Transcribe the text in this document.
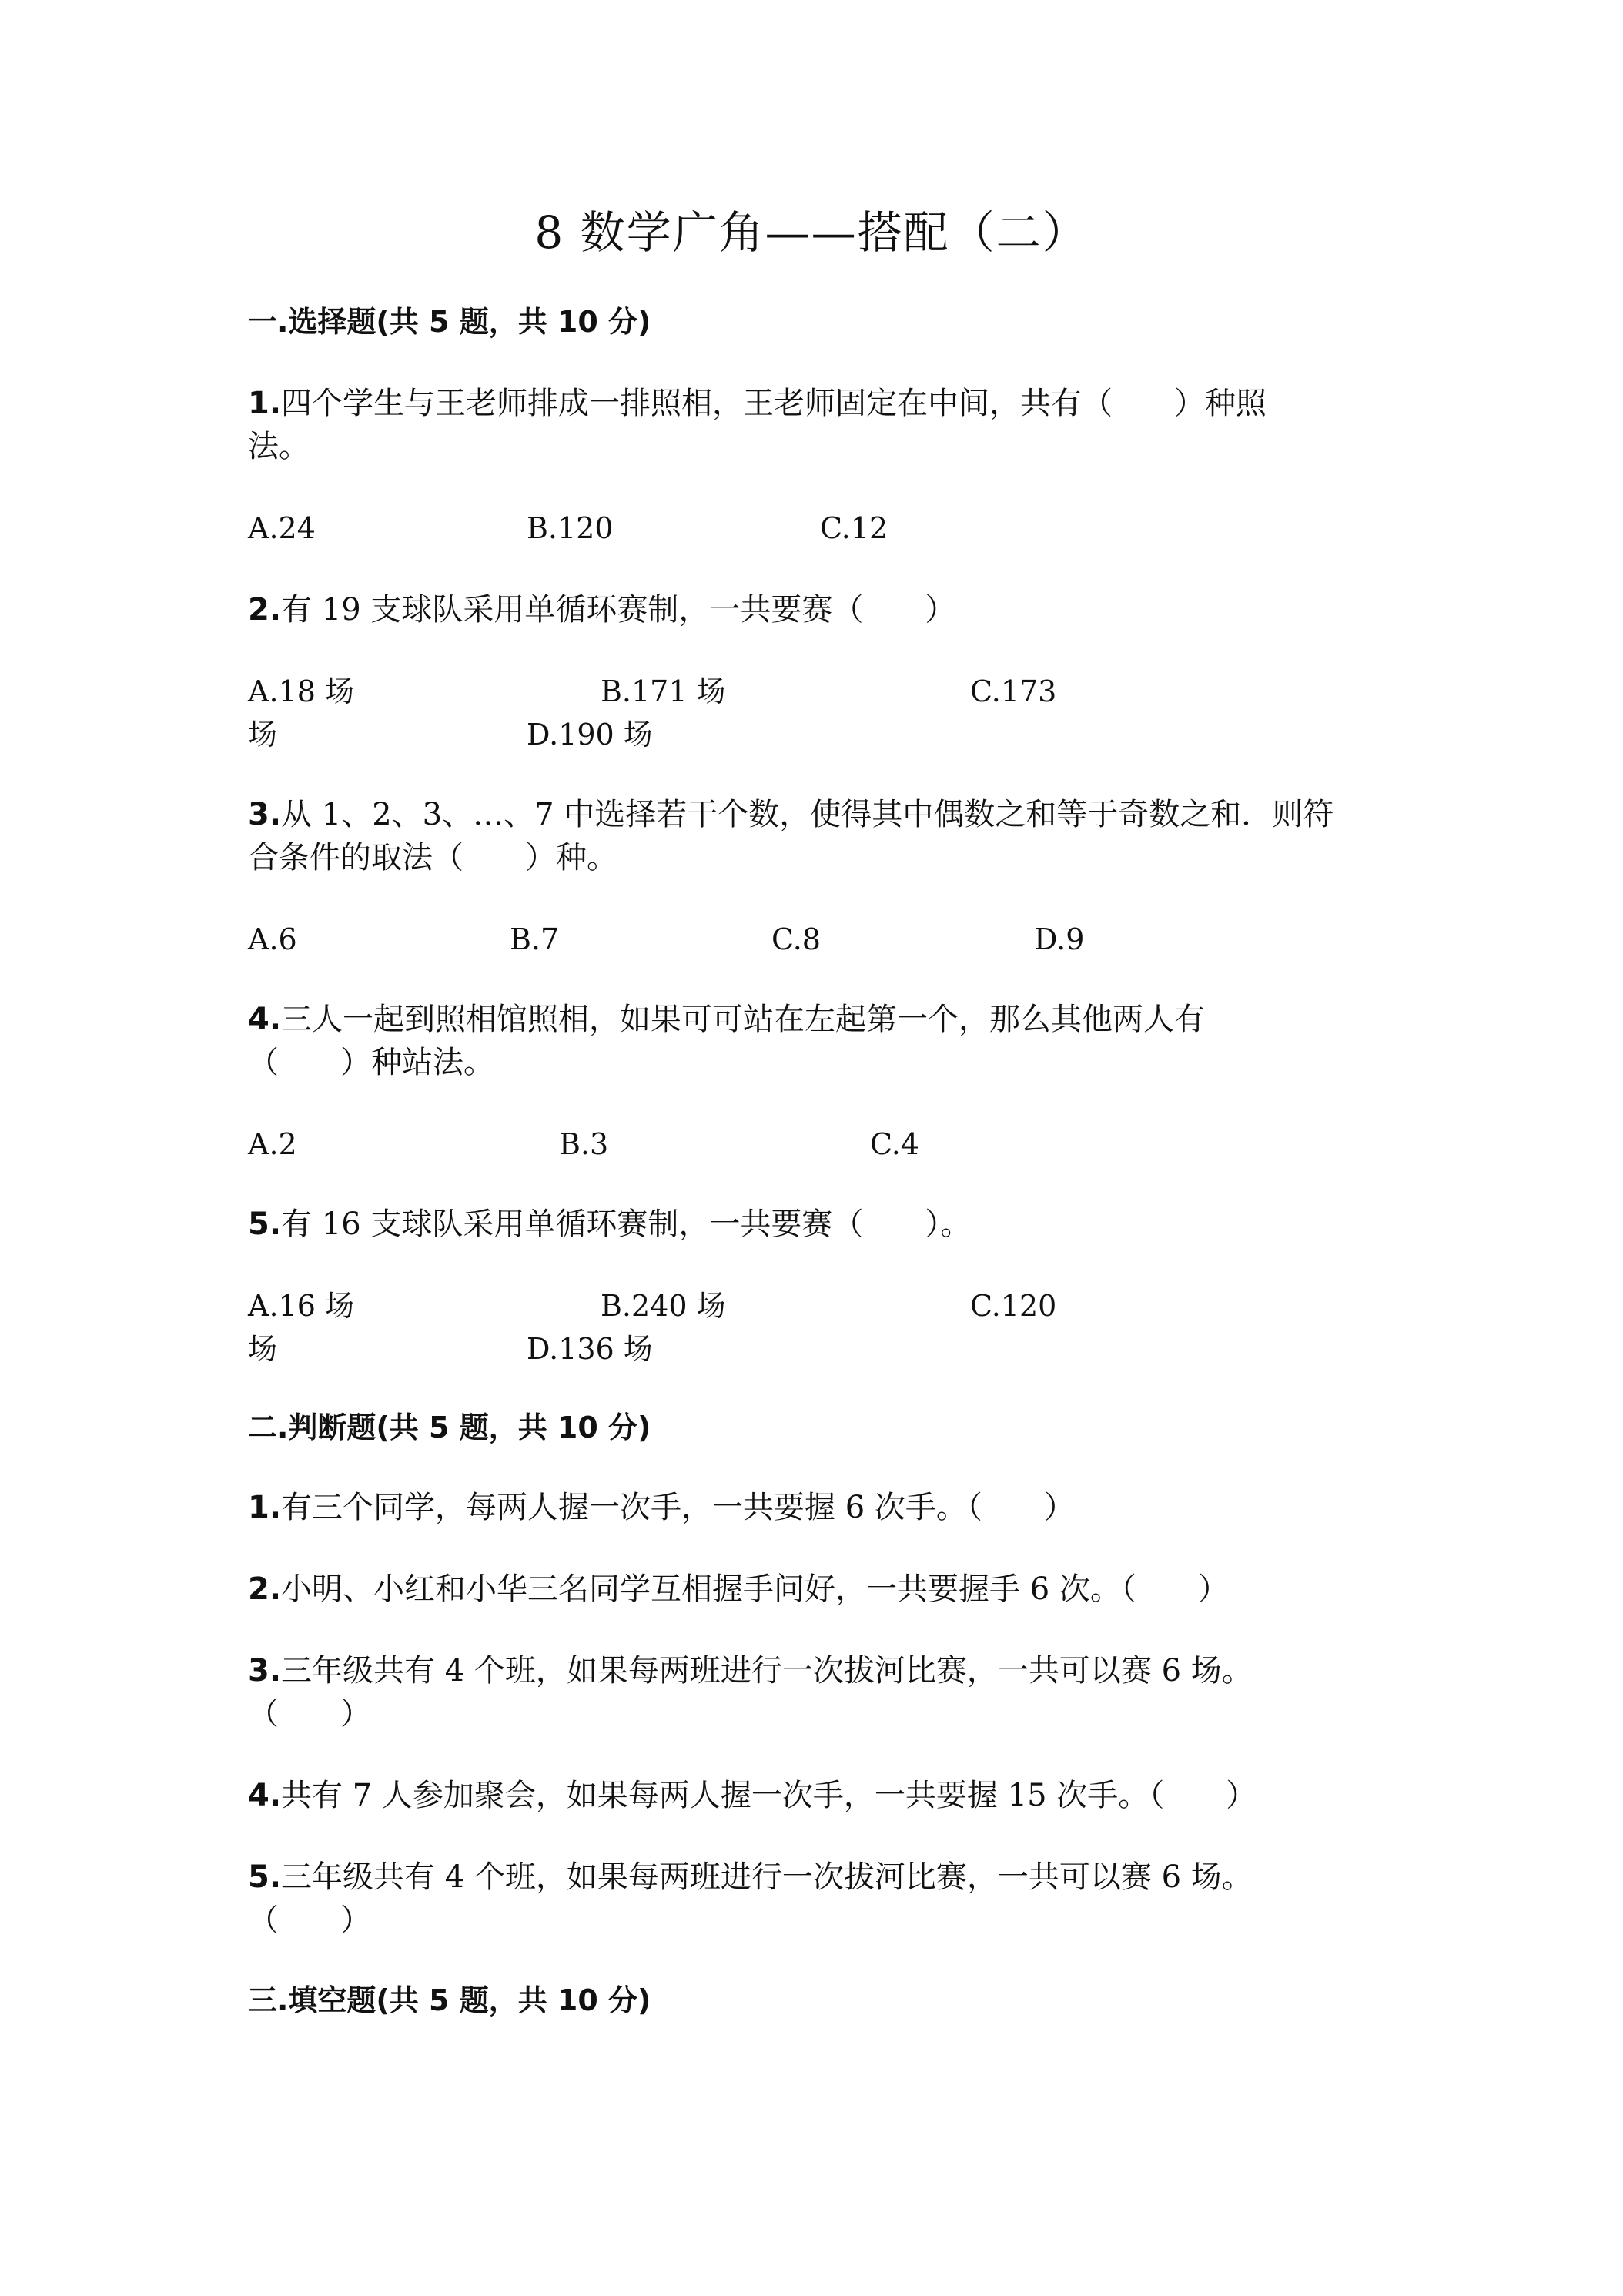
8 数学广角——搭配（二）
一.选择题(共 5 题，共 10 分)
1.四个学生与王老师排成一排照相，王老师固定在中间，共有（　　）种照
法。
A.24	B.120	C.12
2.有 19 支球队采用单循环赛制，一共要赛（　　）
A.18 场	B.171 场	C.173
场	D.190 场
3.从 1、2、3、…、7 中选择若干个数，使得其中偶数之和等于奇数之和．则符
合条件的取法（　　）种。
A.6	B.7	C.8	D.9
4.三人一起到照相馆照相，如果可可站在左起第一个，那么其他两人有
（　　）种站法。
A.2	B.3	C.4
5.有 16 支球队采用单循环赛制，一共要赛（　　）。
A.16 场	B.240 场	C.120
场	D.136 场
二.判断题(共 5 题，共 10 分)
1.有三个同学，每两人握一次手，一共要握 6 次手。（　　）
2.小明、小红和小华三名同学互相握手问好，一共要握手 6 次。（　　）
3.三年级共有 4 个班，如果每两班进行一次拔河比赛，一共可以赛 6 场。
（　　）
4.共有 7 人参加聚会，如果每两人握一次手，一共要握 15 次手。（　　）
5.三年级共有 4 个班，如果每两班进行一次拔河比赛，一共可以赛 6 场。
（　　）
三.填空题(共 5 题，共 10 分)
